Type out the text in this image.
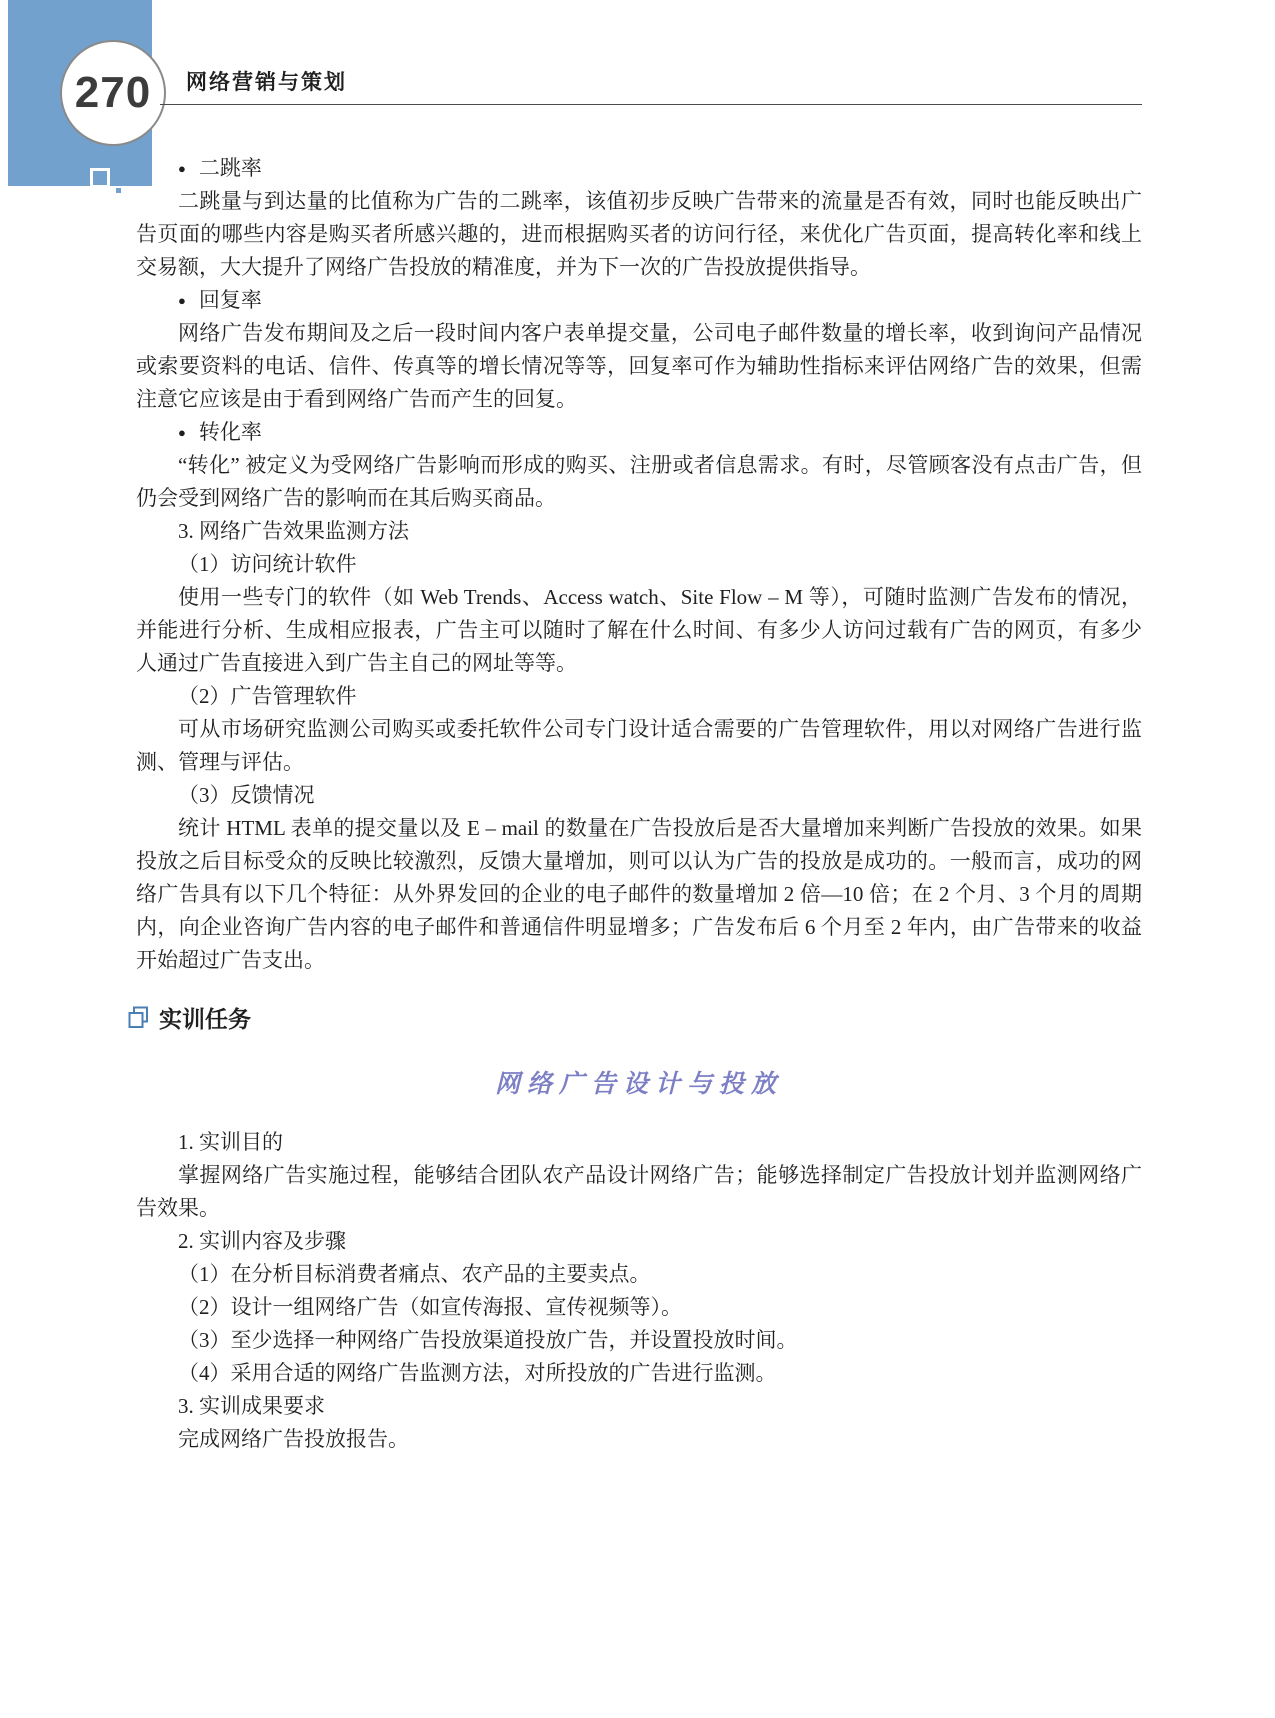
270 网络营销与策划

● 二跳率

二跳量与到达量的比值称为广告的二跳率，该值初步反映广告带来的流量是否有效，同时也能反映出广告页面的哪些内容是购买者所感兴趣的，进而根据购买者的访问行径，来优化广告页面，提高转化率和线上交易额，大大提升了网络广告投放的精准度，并为下一次的广告投放提供指导。

● 回复率

网络广告发布期间及之后一段时间内客户表单提交量，公司电子邮件数量的增长率，收到询问产品情况或索要资料的电话、信件、传真等的增长情况等等，回复率可作为辅助性指标来评估网络广告的效果，但需注意它应该是由于看到网络广告而产生的回复。

● 转化率

“转化” 被定义为受网络广告影响而形成的购买、注册或者信息需求。有时，尽管顾客没有点击广告，但仍会受到网络广告的影响而在其后购买商品。

3. 网络广告效果监测方法

（1）访问统计软件

使用一些专门的软件（如 Web Trends、Access watch、Site Flow – M 等），可随时监测广告发布的情况，并能进行分析、生成相应报表，广告主可以随时了解在什么时间、有多少人访问过载有广告的网页，有多少人通过广告直接进入到广告主自己的网址等等。

（2）广告管理软件

可从市场研究监测公司购买或委托软件公司专门设计适合需要的广告管理软件，用以对网络广告进行监测、管理与评估。

（3）反馈情况

统计 HTML 表单的提交量以及 E – mail 的数量在广告投放后是否大量增加来判断广告投放的效果。如果投放之后目标受众的反映比较激烈，反馈大量增加，则可以认为广告的投放是成功的。一般而言，成功的网络广告具有以下几个特征：从外界发回的企业的电子邮件的数量增加 2 倍—10 倍；在 2 个月、3 个月的周期内，向企业咨询广告内容的电子邮件和普通信件明显增多；广告发布后 6 个月至 2 年内，由广告带来的收益开始超过广告支出。

实训任务
网络广告设计与投放

1. 实训目的

掌握网络广告实施过程，能够结合团队农产品设计网络广告；能够选择制定广告投放计划并监测网络广告效果。

2. 实训内容及步骤

（1）在分析目标消费者痛点、农产品的主要卖点。

（2）设计一组网络广告（如宣传海报、宣传视频等）。

（3）至少选择一种网络广告投放渠道投放广告，并设置投放时间。

（4）采用合适的网络广告监测方法，对所投放的广告进行监测。

3. 实训成果要求

完成网络广告投放报告。
